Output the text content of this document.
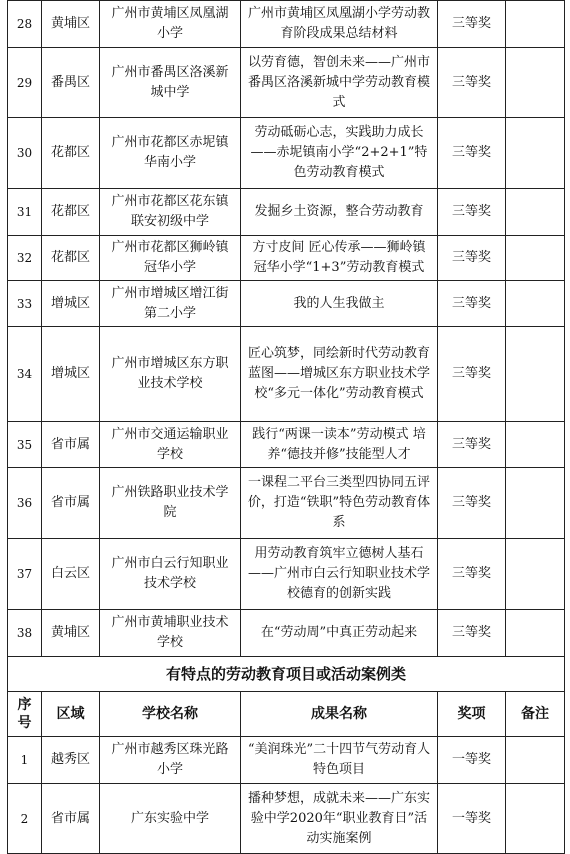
28	黄埔区	广州市黄埔区凤凰湖小学	广州市黄埔区凤凰湖小学劳动教育阶段成果总结材料	三等奖	
29	番禺区	广州市番禺区洛溪新城中学	以劳育德，智创未来——广州市番禺区洛溪新城中学劳动教育模式	三等奖	
30	花都区	广州市花都区赤坭镇华南小学	劳动砥砺心志，实践助力成长——赤坭镇南小学“2+2+1”特色劳动教育模式	三等奖	
31	花都区	广州市花都区花东镇联安初级中学	发掘乡土资源，整合劳动教育	三等奖	
32	花都区	广州市花都区狮岭镇冠华小学	方寸皮间 匠心传承——狮岭镇冠华小学“1+3”劳动教育模式	三等奖	
33	增城区	广州市增城区增江街第二小学	我的人生我做主	三等奖	
34	增城区	广州市增城区东方职业技术学校	匠心筑梦，同绘新时代劳动教育蓝图——增城区东方职业技术学校“多元一体化”劳动教育模式	三等奖	
35	省市属	广州市交通运输职业学校	践行“两课一读本”劳动模式 培养“德技并修”技能型人才	三等奖	
36	省市属	广州铁路职业技术学院	一课程二平台三类型四协同五评价，打造“铁职”特色劳动教育体系	三等奖	
37	白云区	广州市白云行知职业技术学校	用劳动教育筑牢立德树人基石——广州市白云行知职业技术学校德育的创新实践	三等奖	
38	黄埔区	广州市黄埔职业技术学校	在“劳动周”中真正劳动起来	三等奖	
有特点的劳动教育项目或活动案例类					
序号	区域	学校名称	成果名称	奖项	备注
1	越秀区	广州市越秀区珠光路小学	“美润珠光”二十四节气劳动育人特色项目	一等奖	
2	省市属	广东实验中学	播种梦想，成就未来——广东实验中学2020年“职业教育日”活动实施案例	一等奖	
